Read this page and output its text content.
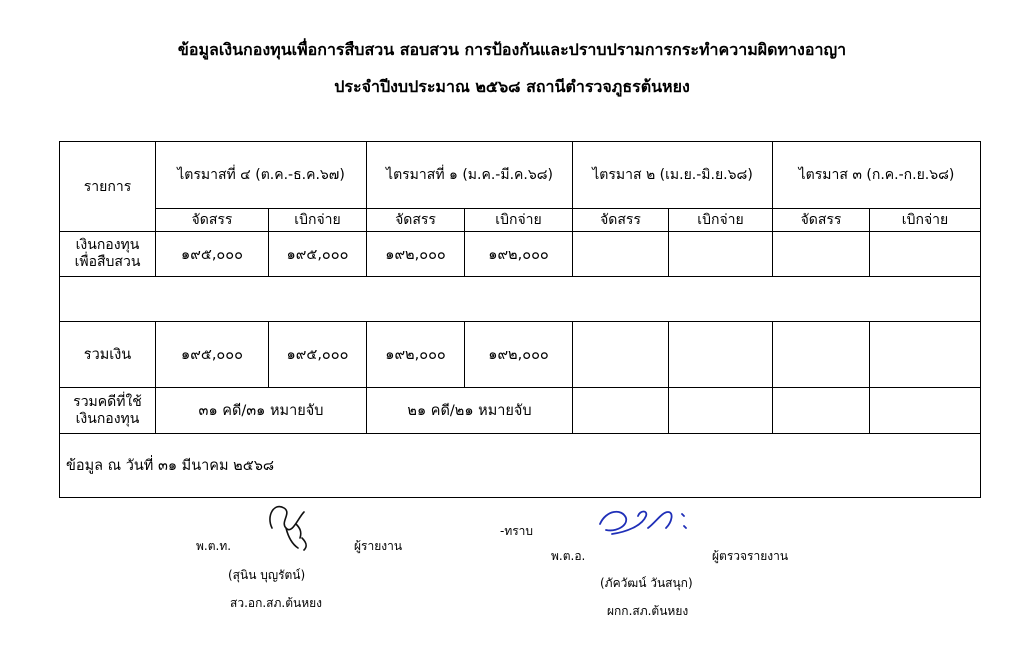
ข้อมูลเงินกองทุนเพื่อการสืบสวน สอบสวน การป้องกันและปราบปรามการกระทำความผิดทางอาญา
ประจำปีงบประมาณ ๒๕๖๘ สถานีตำรวจภูธรต้นหยง
รายการ	ไตรมาสที่ ๔ (ต.ค.-ธ.ค.๖๗)		ไตรมาสที่ ๑ (ม.ค.-มี.ค.๖๘)		ไตรมาส ๒ (เม.ย.-มิ.ย.๖๘)		ไตรมาส ๓ (ก.ค.-ก.ย.๖๘)	
	จัดสรร	เบิกจ่าย	จัดสรร	เบิกจ่าย	จัดสรร	เบิกจ่าย	จัดสรร	เบิกจ่าย

เงินกองทุน
เพื่อสืบสวน	๑๙๕,๐๐๐	๑๙๕,๐๐๐	๑๙๒,๐๐๐	๑๙๒,๐๐๐				

รวมเงิน	๑๙๕,๐๐๐	๑๙๕,๐๐๐	๑๙๒,๐๐๐	๑๙๒,๐๐๐				

รวมคดีที่ใช้
เงินกองทุน	๓๑ คดี/๓๑ หมายจับ		๒๑ คดี/๒๑ หมายจับ					
ข้อมูล ณ วันที่ ๓๑ มีนาคม ๒๕๖๘								
พ.ต.ท.	ผู้รายงาน
(สุนิน บุญรัตน์)
สว.อก.สภ.ต้นหยง
-ทราบ
พ.ต.อ.	ผู้ตรวจรายงาน
(ภัควัฒน์ วันสนุก)
ผกก.สภ.ต้นหยง
